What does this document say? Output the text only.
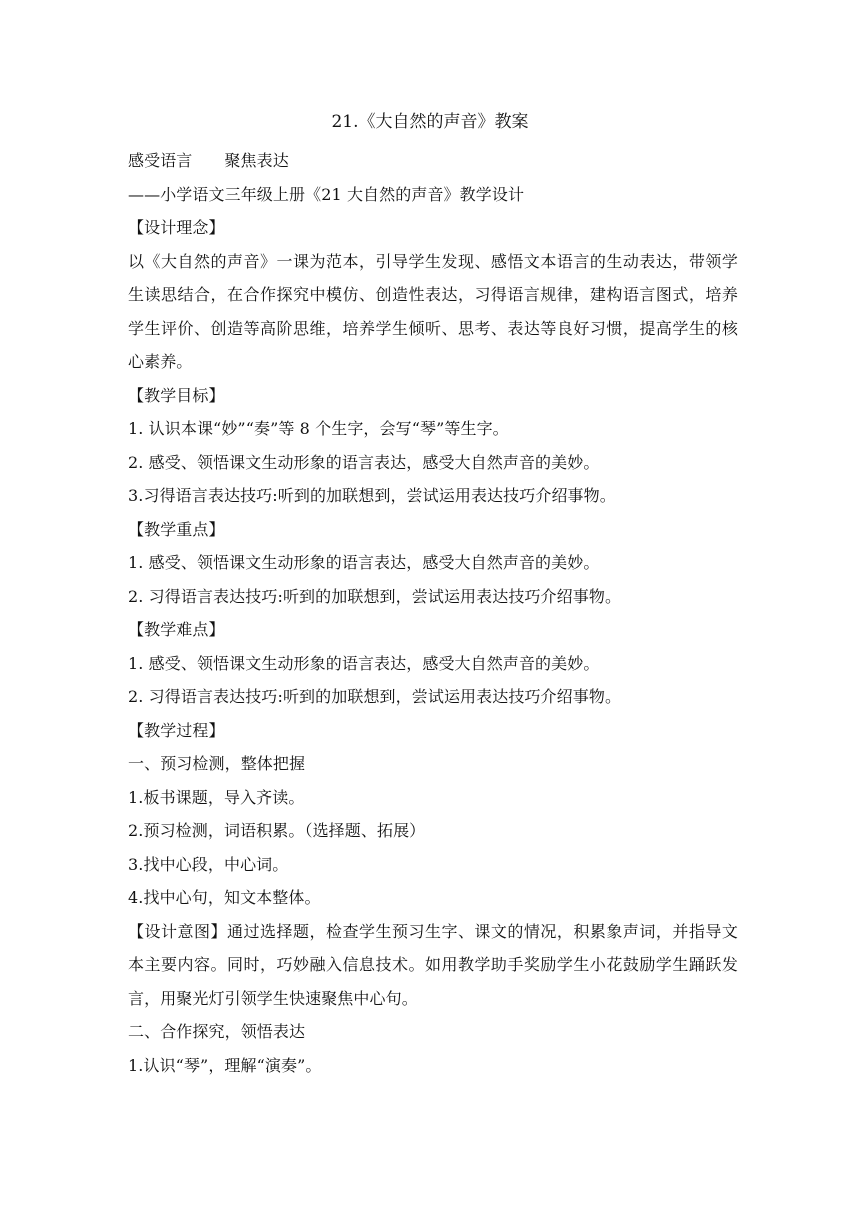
21.《大自然的声音》教案
感受语言 聚焦表达
——小学语文三年级上册《21 大自然的声音》教学设计
【设计理念】
以《大自然的声音》一课为范本，引导学生发现、感悟文本语言的生动表达，带领学生读思结合，在合作探究中模仿、创造性表达，习得语言规律，建构语言图式，培养学生评价、创造等高阶思维，培养学生倾听、思考、表达等良好习惯，提高学生的核心素养。
【教学目标】
1. 认识本课“妙”“奏”等 8 个生字，会写“琴”等生字。
2. 感受、领悟课文生动形象的语言表达，感受大自然声音的美妙。
3.习得语言表达技巧:听到的加联想到，尝试运用表达技巧介绍事物。
【教学重点】
1. 感受、领悟课文生动形象的语言表达，感受大自然声音的美妙。
2. 习得语言表达技巧:听到的加联想到，尝试运用表达技巧介绍事物。
【教学难点】
1. 感受、领悟课文生动形象的语言表达，感受大自然声音的美妙。
2. 习得语言表达技巧:听到的加联想到，尝试运用表达技巧介绍事物。
【教学过程】
一、预习检测，整体把握
1.板书课题，导入齐读。
2.预习检测，词语积累。（选择题、拓展）
3.找中心段，中心词。
4.找中心句，知文本整体。
【设计意图】通过选择题，检查学生预习生字、课文的情况，积累象声词，并指导文本主要内容。同时，巧妙融入信息技术。如用教学助手奖励学生小花鼓励学生踊跃发言，用聚光灯引领学生快速聚焦中心句。
二、合作探究，领悟表达
1.认识“琴”，理解“演奏”。
